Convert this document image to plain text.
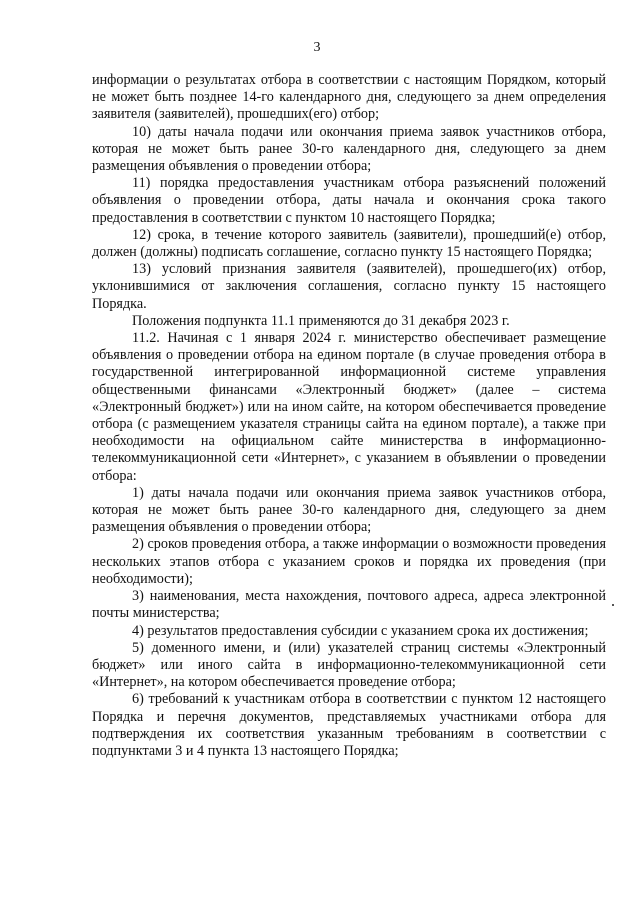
3

информации о результатах отбора в соответствии с настоящим Порядком, который не может быть позднее 14-го календарного дня, следующего за днем определения заявителя (заявителей), прошедших(его) отбор;

10) даты начала подачи или окончания приема заявок участников отбора, которая не может быть ранее 30-го календарного дня, следующего за днем размещения объявления о проведении отбора;

11) порядка предоставления участникам отбора разъяснений положений объявления о проведении отбора, даты начала и окончания срока такого предоставления в соответствии с пунктом 10 настоящего Порядка;

12) срока, в течение которого заявитель (заявители), прошедший(е) отбор, должен (должны) подписать соглашение, согласно пункту 15 настоящего Порядка;

13) условий признания заявителя (заявителей), прошедшего(их) отбор, уклонившимися от заключения соглашения, согласно пункту 15 настоящего Порядка.

Положения подпункта 11.1 применяются до 31 декабря 2023 г.

11.2. Начиная с 1 января 2024 г. министерство обеспечивает размещение объявления о проведении отбора на едином портале (в случае проведения отбора в государственной интегрированной информационной системе управления общественными финансами «Электронный бюджет» (далее – система «Электронный бюджет») или на ином сайте, на котором обеспечивается проведение отбора (с размещением указателя страницы сайта на едином портале), а также при необходимости на официальном сайте министерства в информационно-телекоммуникационной сети «Интернет», с указанием в объявлении о проведении отбора:

1) даты начала подачи или окончания приема заявок участников отбора, которая не может быть ранее 30-го календарного дня, следующего за днем размещения объявления о проведении отбора;

2) сроков проведения отбора, а также информации о возможности проведения нескольких этапов отбора с указанием сроков и порядка их проведения (при необходимости);

3) наименования, места нахождения, почтового адреса, адреса электронной почты министерства;

4) результатов предоставления субсидии с указанием срока их достижения;

5) доменного имени, и (или) указателей страниц системы «Электронный бюджет» или иного сайта в информационно-телекоммуникационной сети «Интернет», на котором обеспечивается проведение отбора;

6) требований к участникам отбора в соответствии с пунктом 12 настоящего Порядка и перечня документов, представляемых участниками отбора для подтверждения их соответствия указанным требованиям в соответствии с подпунктами 3 и 4 пункта 13 настоящего Порядка;
